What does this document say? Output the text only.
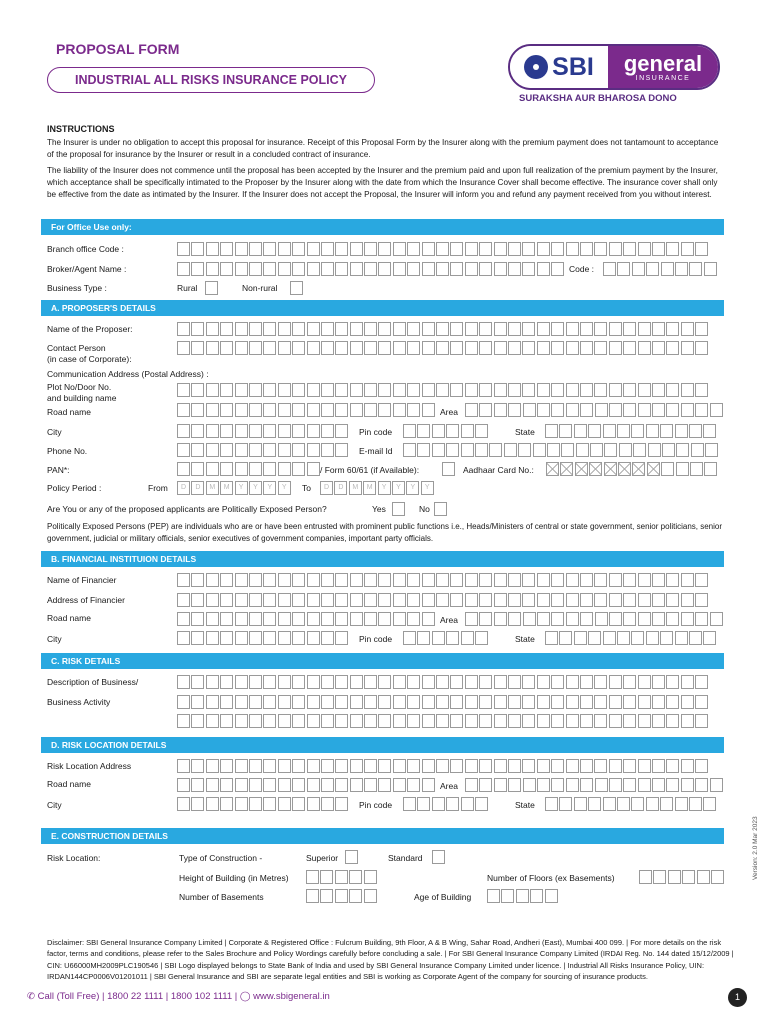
PROPOSAL FORM
INDUSTRIAL ALL RISKS INSURANCE POLICY	SBI general
INSURANCE
SURAKSHA AUR BHAROSA DONO
INSTRUCTIONS
The Insurer is under no obligation to accept this proposal for insurance. Receipt of this Proposal Form by the Insurer along with the premium payment does not tantamount to acceptance of the proposal for insurance by the Insurer or result in a concluded contract of insurance.
The liability of the Insurer does not commence until the proposal has been accepted by the Insurer and the premium paid and upon full realization of the premium payment by the Insurer, which acceptance shall be specifically intimated to the Proposer by the Insurer along with the date from which the Insurance Cover shall become effective. The insurance cover shall only be effective from the date as intimated by the Insurer. If the Insurer does not accept the Proposal, the Insurer will inform you and refund any payment received from you without interest.
For Office Use only:
Branch office Code :
Broker/Agent Name :	Code :
Business Type :	Rural	Non-rural
A. PROPOSER'S DETAILS
Name of the Proposer:
Contact Person
(in case of Corporate):
Communication Address (Postal Address) :
Plot No/Door No.
and building name
Road name	Area
City	Pin code	State
Phone No.	E-mail Id
PAN*:	/ Form 60/61 (if Available):	Aadhaar Card No.:
Policy Period :	From	D	D	M	M	Y	Y	Y	Y	To	D	D	M	M	Y	Y	Y	Y
Are You or any of the proposed applicants are Politically Exposed Person?	Yes	No
Politically Exposed Persons (PEP) are individuals who are or have been entrusted with prominent public functions i.e., Heads/Ministers of central or state government, senior politicians, senior government, judicial or military officials, senior executives of government companies, important party officials.
B. FINANCIAL INSTITUION DETAILS
Name of Financier
Address of Financier
Road name	Area
City	Pin code	State
C. RISK DETAILS
Description of Business/
Business Activity
D. RISK LOCATION DETAILS
Risk Location Address
Road name	Area
City	Pin code	State
E. CONSTRUCTION DETAILS
Risk Location:	Type of Construction -	Superior	Standard
Height of Building (in Metres)	Number of Floors (ex Basements)
Number of Basements	Age of Building
Disclaimer: SBI General Insurance Company Limited | Corporate & Registered Office : Fulcrum Building, 9th Floor, A & B Wing, Sahar Road, Andheri (East), Mumbai 400 099. | For more details on the risk factor, terms and conditions, please refer to the Sales Brochure and Policy Wordings carefully before concluding a sale. | For SBI General Insurance Company Limited (IRDAI Reg. No. 144 dated 15/12/2009 | CIN: U66000MH2009PLC190546 | SBI Logo displayed belongs to State Bank of India and used by SBI General Insurance Company Limited under licence. | Industrial All Risks Insurance Policy, UIN: IRDAN144CP0006V01201011 | SBI General Insurance and SBI are separate legal entities and SBI is working as Corporate Agent of the company for sourcing of insurance products.
✆ Call (Toll Free) | 1800 22 1111 | 1800 102 1111 | ◯ www.sbigeneral.in	1
Version: 2.0 Mar 2023
